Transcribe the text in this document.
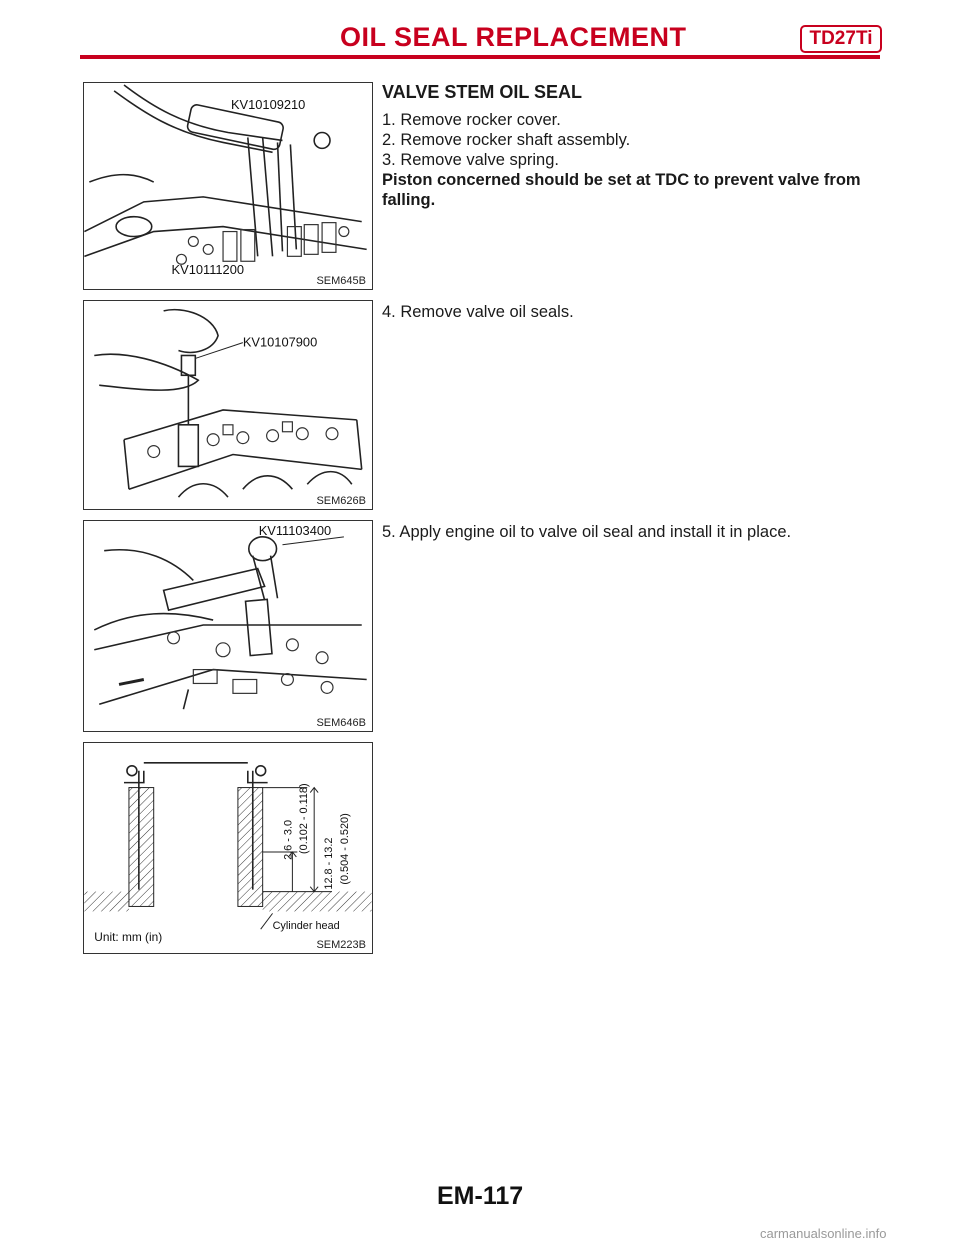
OIL SEAL REPLACEMENT	TD27Ti
KV10109210
KV10111200
SEM645B
KV10107900
SEM626B
KV11103400
SEM646B
2.6 - 3.0 (0.102 - 0.118)
12.8 - 13.2 (0.504 - 0.520)
Cylinder head
Unit: mm (in)
SEM223B
VALVE STEM OIL SEAL

1. Remove rocker cover.

2. Remove rocker shaft assembly.

3. Remove valve spring.

Piston concerned should be set at TDC to prevent valve from falling.

4. Remove valve oil seals.

5. Apply engine oil to valve oil seal and install it in place.

EM-117
carmanualsonline.info
